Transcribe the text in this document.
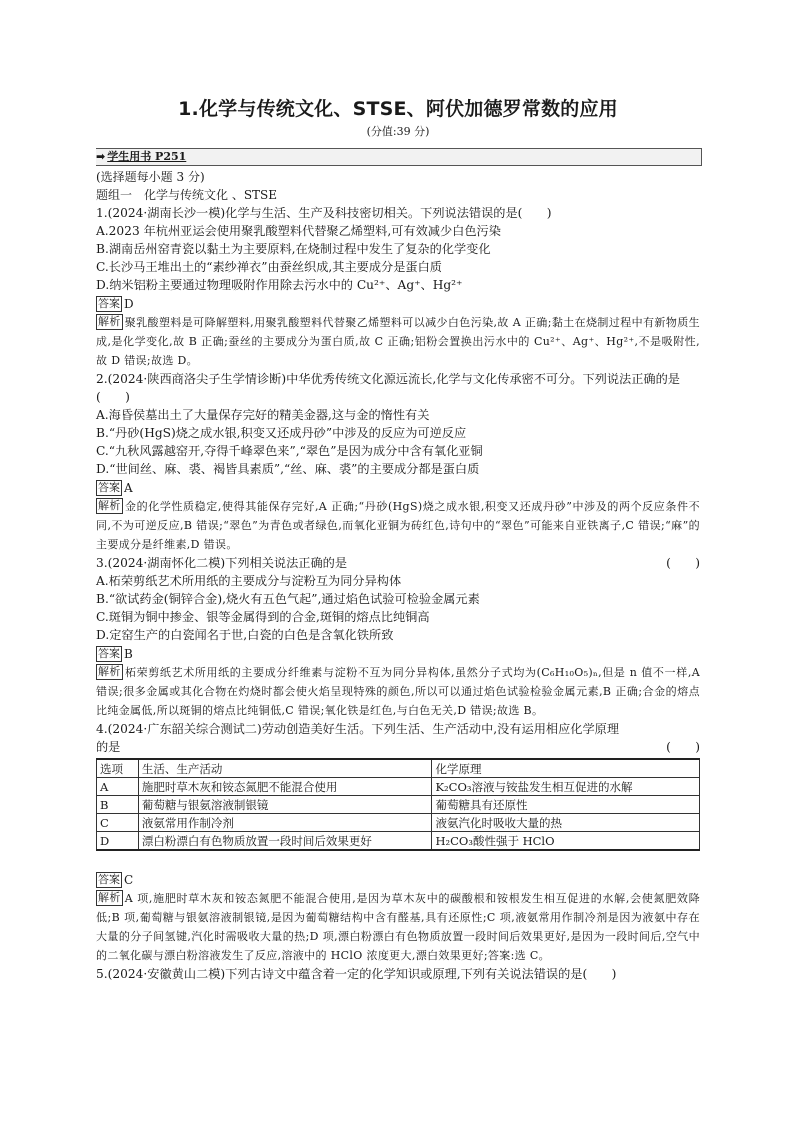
1.化学与传统文化、STSE、阿伏加德罗常数的应用
(分值:39 分)
➡ 学生用书 P251
(选择题每小题 3 分)
题组一　化学与传统文化 、STSE
1.(2024·湖南长沙一模)化学与生活、生产及科技密切相关。下列说法错误的是(　　)
A.2023 年杭州亚运会使用聚乳酸塑料代替聚乙烯塑料,可有效减少白色污染
B.湖南岳州窑青瓷以黏土为主要原料,在烧制过程中发生了复杂的化学变化
C.长沙马王堆出土的“素纱禅衣”由蚕丝织成,其主要成分是蛋白质
D.纳米铝粉主要通过物理吸附作用除去污水中的 Cu²⁺、Ag⁺、Hg²⁺
答案 D
解析 聚乳酸塑料是可降解塑料,用聚乳酸塑料代替聚乙烯塑料可以减少白色污染,故 A 正确;黏土在烧制过程中有新物质生成,是化学变化,故 B 正确;蚕丝的主要成分为蛋白质,故 C 正确;铝粉会置换出污水中的 Cu²⁺、Ag⁺、Hg²⁺,不是吸附性,故 D 错误;故选 D。
2.(2024·陕西商洛尖子生学情诊断)中华优秀传统文化源远流长,化学与文化传承密不可分。下列说法正确的是(　　)
A.海昏侯墓出土了大量保存完好的精美金器,这与金的惰性有关
B.“丹砂(HgS)烧之成水银,积变又还成丹砂”中涉及的反应为可逆反应
C.“九秋风露越窑开,夺得千峰翠色来”,“翠色”是因为成分中含有氧化亚铜
D.“世间丝、麻、裘、褐皆具素质”,“丝、麻、裘”的主要成分都是蛋白质
答案 A
解析 金的化学性质稳定,使得其能保存完好,A 正确;“丹砂(HgS)烧之成水银,积变又还成丹砂”中涉及的两个反应条件不同,不为可逆反应,B 错误;“翠色”为青色或者绿色,而氧化亚铜为砖红色,诗句中的“翠色”可能来自亚铁离子,C 错误;“麻”的主要成分是纤维素,D 错误。
3.(2024·湖南怀化二模)下列相关说法正确的是	(　　)
A.柘荣剪纸艺术所用纸的主要成分与淀粉互为同分异构体
B.“欲试药金(铜锌合金),烧火有五色气起”,通过焰色试验可检验金属元素
C.斑铜为铜中掺金、银等金属得到的合金,斑铜的熔点比纯铜高
D.定窑生产的白瓷闻名于世,白瓷的白色是含氧化铁所致
答案 B
解析 柘荣剪纸艺术所用纸的主要成分纤维素与淀粉不互为同分异构体,虽然分子式均为(C₆H₁₀O₅)ₙ,但是 n 值不一样,A 错误;很多金属或其化合物在灼烧时都会使火焰呈现特殊的颜色,所以可以通过焰色试验检验金属元素,B 正确;合金的熔点比纯金属低,所以斑铜的熔点比纯铜低,C 错误;氧化铁是红色,与白色无关,D 错误;故选 B。
4.(2024·广东韶关综合测试二)劳动创造美好生活。下列生活、生产活动中,没有运用相应化学原理
的是	(　　)
选项	生活、生产活动	化学原理
A	施肥时草木灰和铵态氮肥不能混合使用	K₂CO₃溶液与铵盐发生相互促进的水解
B	葡萄糖与银氨溶液制银镜	葡萄糖具有还原性
C	液氨常用作制冷剂	液氨汽化时吸收大量的热
D	漂白粉漂白有色物质放置一段时间后效果更好	H₂CO₃酸性强于 HClO
答案 C
解析 A 项,施肥时草木灰和铵态氮肥不能混合使用,是因为草木灰中的碳酸根和铵根发生相互促进的水解,会使氮肥效降低;B 项,葡萄糖与银氨溶液制银镜,是因为葡萄糖结构中含有醛基,具有还原性;C 项,液氨常用作制冷剂是因为液氨中存在大量的分子间氢键,汽化时需吸收大量的热;D 项,漂白粉漂白有色物质放置一段时间后效果更好,是因为一段时间后,空气中的二氧化碳与漂白粉溶液发生了反应,溶液中的 HClO 浓度更大,漂白效果更好;答案:选 C。
5.(2024·安徽黄山二模)下列古诗文中蕴含着一定的化学知识或原理,下列有关说法错误的是(　　)
